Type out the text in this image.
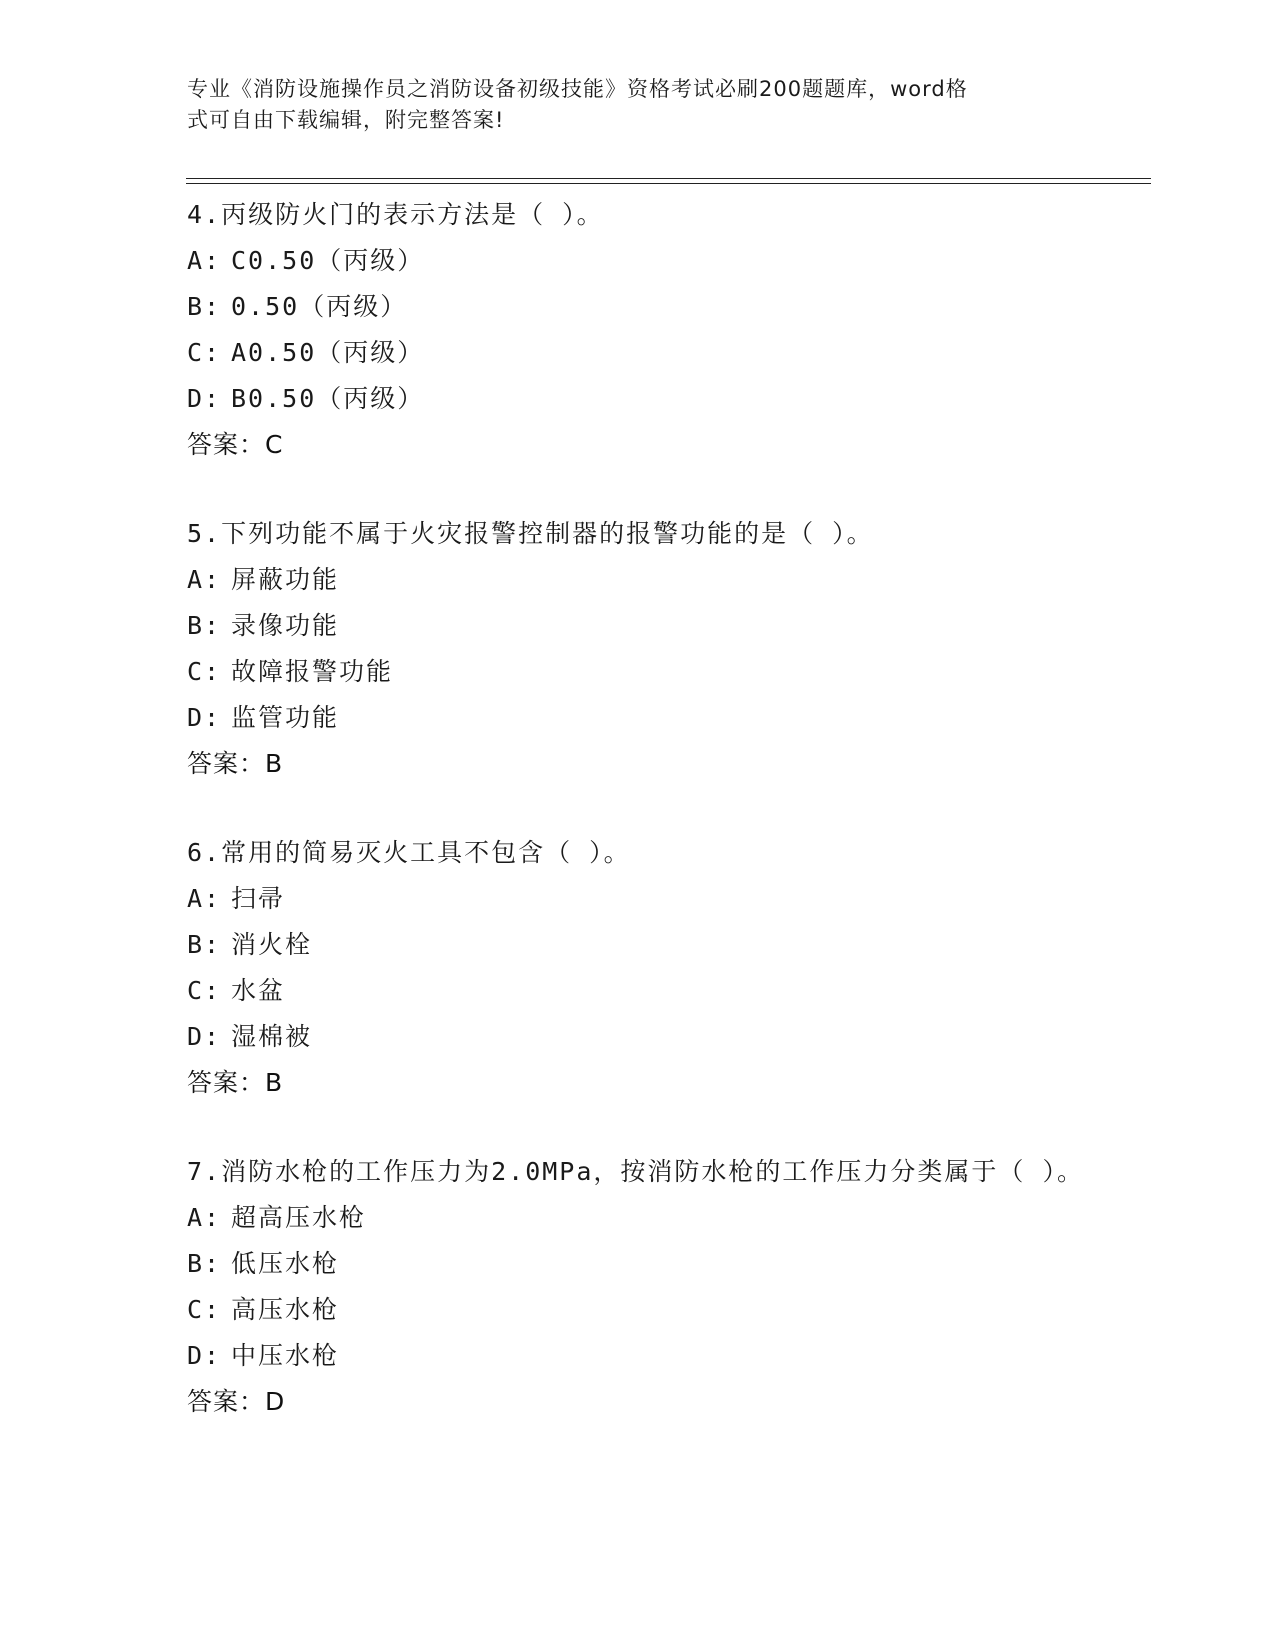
专业《消防设施操作员之消防设备初级技能》资格考试必刷200题题库，word格
式可自由下载编辑，附完整答案!
4.丙级防火门的表示方法是（ ）。
A: C0.50（丙级）
B: 0.50（丙级）
C: A0.50（丙级）
D: B0.50（丙级）
答案：C
5.下列功能不属于火灾报警控制器的报警功能的是（ ）。
A: 屏蔽功能
B: 录像功能
C: 故障报警功能
D: 监管功能
答案：B
6.常用的简易灭火工具不包含（ ）。
A: 扫帚
B: 消火栓
C: 水盆
D: 湿棉被
答案：B
7.消防水枪的工作压力为2.0MPa，按消防水枪的工作压力分类属于（ ）。
A: 超高压水枪
B: 低压水枪
C: 高压水枪
D: 中压水枪
答案：D
